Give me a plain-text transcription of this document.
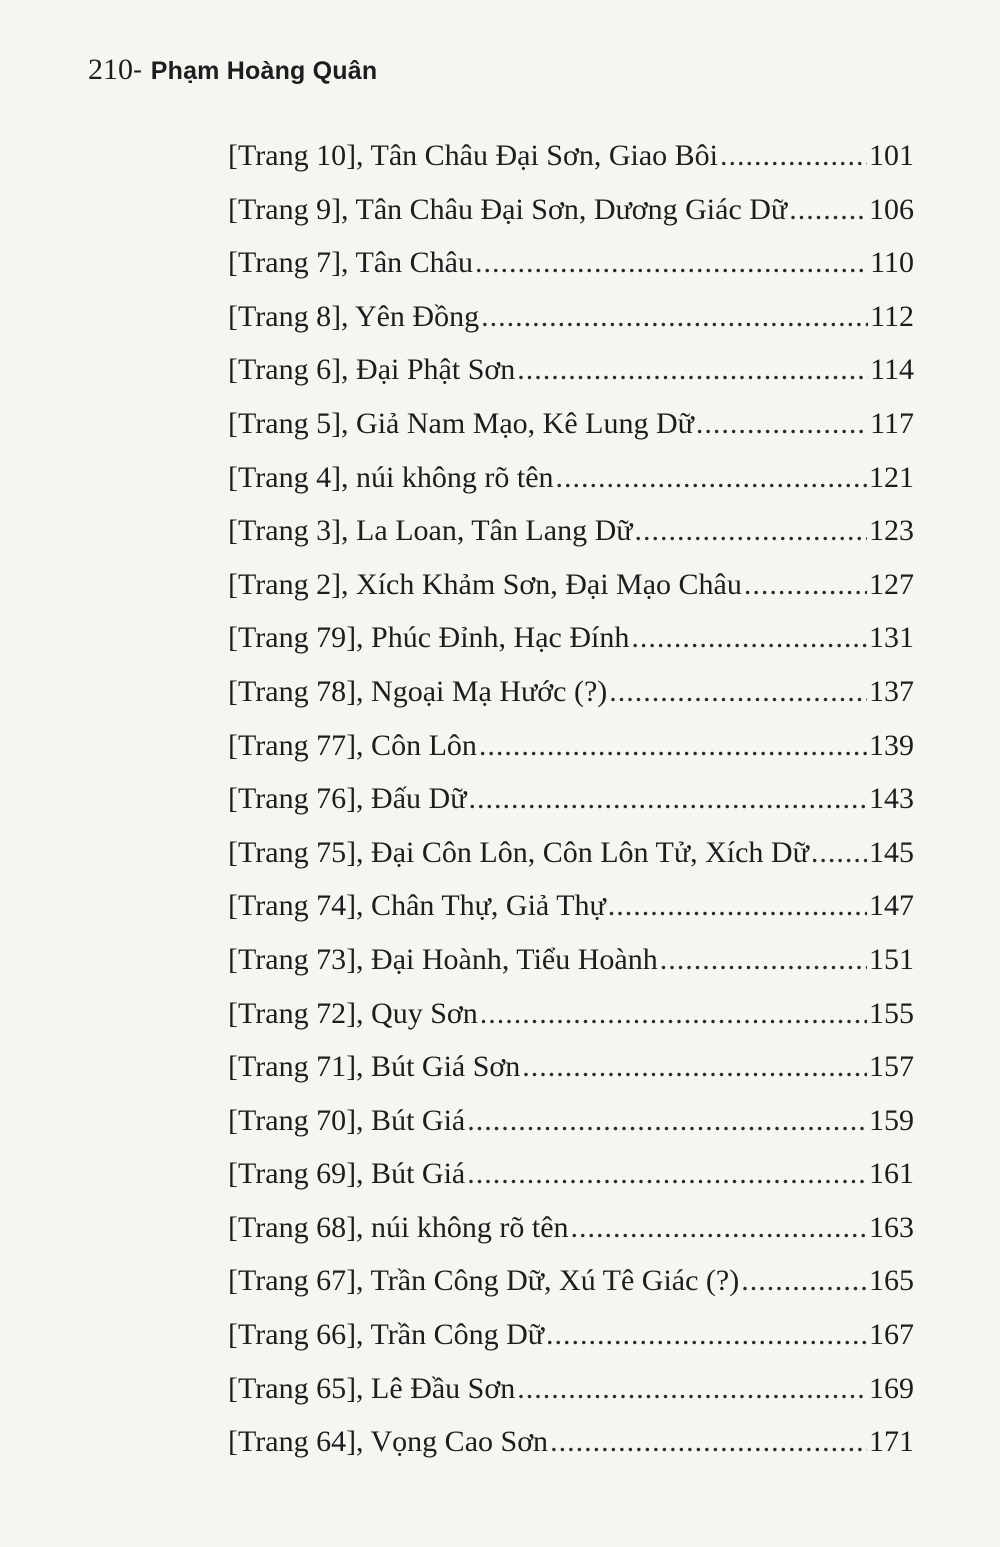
210- Phạm Hoàng Quân
[Trang 10], Tân Châu Đại Sơn, Giao Bôi .....	101
[Trang 9], Tân Châu Đại Sơn, Dương Giác Dữ .....	106
[Trang 7], Tân Châu .....	110
[Trang 8], Yên Đồng .....	112
[Trang 6], Đại Phật Sơn .....	114
[Trang 5], Giả Nam Mạo, Kê Lung Dữ .....	117
[Trang 4], núi không rõ tên .....	121
[Trang 3], La Loan, Tân Lang Dữ .....	123
[Trang 2], Xích Khảm Sơn, Đại Mạo Châu .....	127
[Trang 79], Phúc Đỉnh, Hạc Đính .....	131
[Trang 78], Ngoại Mạ Hước (?) .....	137
[Trang 77], Côn Lôn .....	139
[Trang 76], Đấu Dữ .....	143
[Trang 75], Đại Côn Lôn, Côn Lôn Tử, Xích Dữ ..... 145
[Trang 74], Chân Thự, Giả Thự .....	147
[Trang 73], Đại Hoành, Tiểu Hoành .....	151
[Trang 72], Quy Sơn .....	155
[Trang 71], Bút Giá Sơn .....	157
[Trang 70], Bút Giá .....	159
[Trang 69], Bút Giá .....	161
[Trang 68], núi không rõ tên .....	163
[Trang 67], Trần Công Dữ, Xú Tê Giác (?) .....	165
[Trang 66], Trần Công Dữ .....	167
[Trang 65], Lê Đầu Sơn .....	169
[Trang 64], Vọng Cao Sơn .....	171
